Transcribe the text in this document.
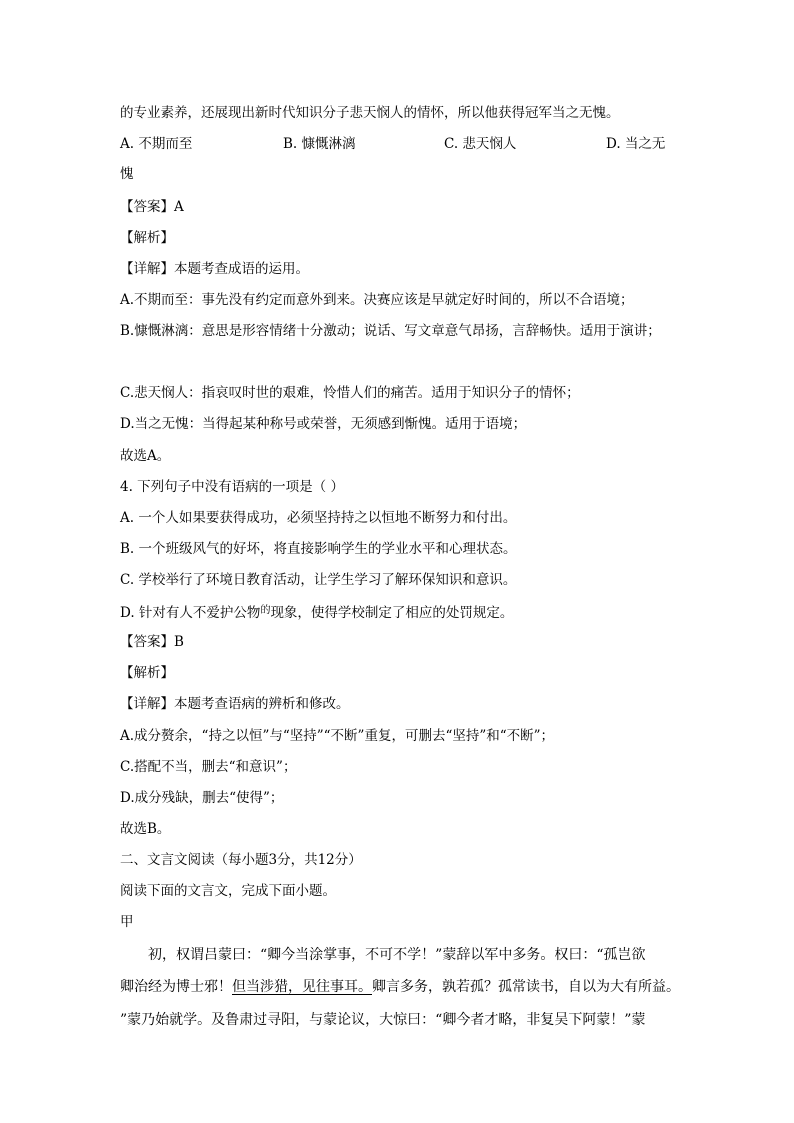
的专业素养，还展现出新时代知识分子悲天悯人的情怀，所以他获得冠军当之无愧。
A. 不期而至	B. 慷慨淋漓	C. 悲天悯人	D. 当之无
愧
【答案】A
【解析】
【详解】本题考查成语的运用。
A.不期而至：事先没有约定而意外到来。决赛应该是早就定好时间的，所以不合语境；
B.慷慨淋漓：意思是形容情绪十分激动；说话、写文章意气昂扬，言辞畅快。适用于演讲；
C.悲天悯人：指哀叹时世的艰难，怜惜人们的痛苦。适用于知识分子的情怀；
D.当之无愧：当得起某种称号或荣誉，无须感到惭愧。适用于语境；
故选A。
4. 下列句子中没有语病的一项是（ ）
A. 一个人如果要获得成功，必须坚持持之以恒地不断努力和付出。
B. 一个班级风气的好坏，将直接影响学生的学业水平和心理状态。
C. 学校举行了环境日教育活动，让学生学习了解环保知识和意识。
D. 针对有人不爱护公物$^的$现象，使得学校制定了相应的处罚规定。
【答案】B
【解析】
【详解】本题考查语病的辨析和修改。
A.成分赘余，“持之以恒”与“坚持”“不断”重复，可删去“坚持”和“不断”；
C.搭配不当，删去“和意识”；
D.成分残缺，删去“使得”；
故选B。
二、文言文阅读（每小题3分，共12分）
阅读下面的文言文，完成下面小题。
甲
初，权谓吕蒙曰：“卿今当涂掌事，不可不学！”蒙辞以军中多务。权曰：“孤岂欲
卿治经为博士邪！但当涉猎，见往事耳。卿言多务，孰若孤？孤常读书，自以为大有所益。
”蒙乃始就学。及鲁肃过寻阳，与蒙论议，大惊曰：“卿今者才略，非复吴下阿蒙！”蒙
